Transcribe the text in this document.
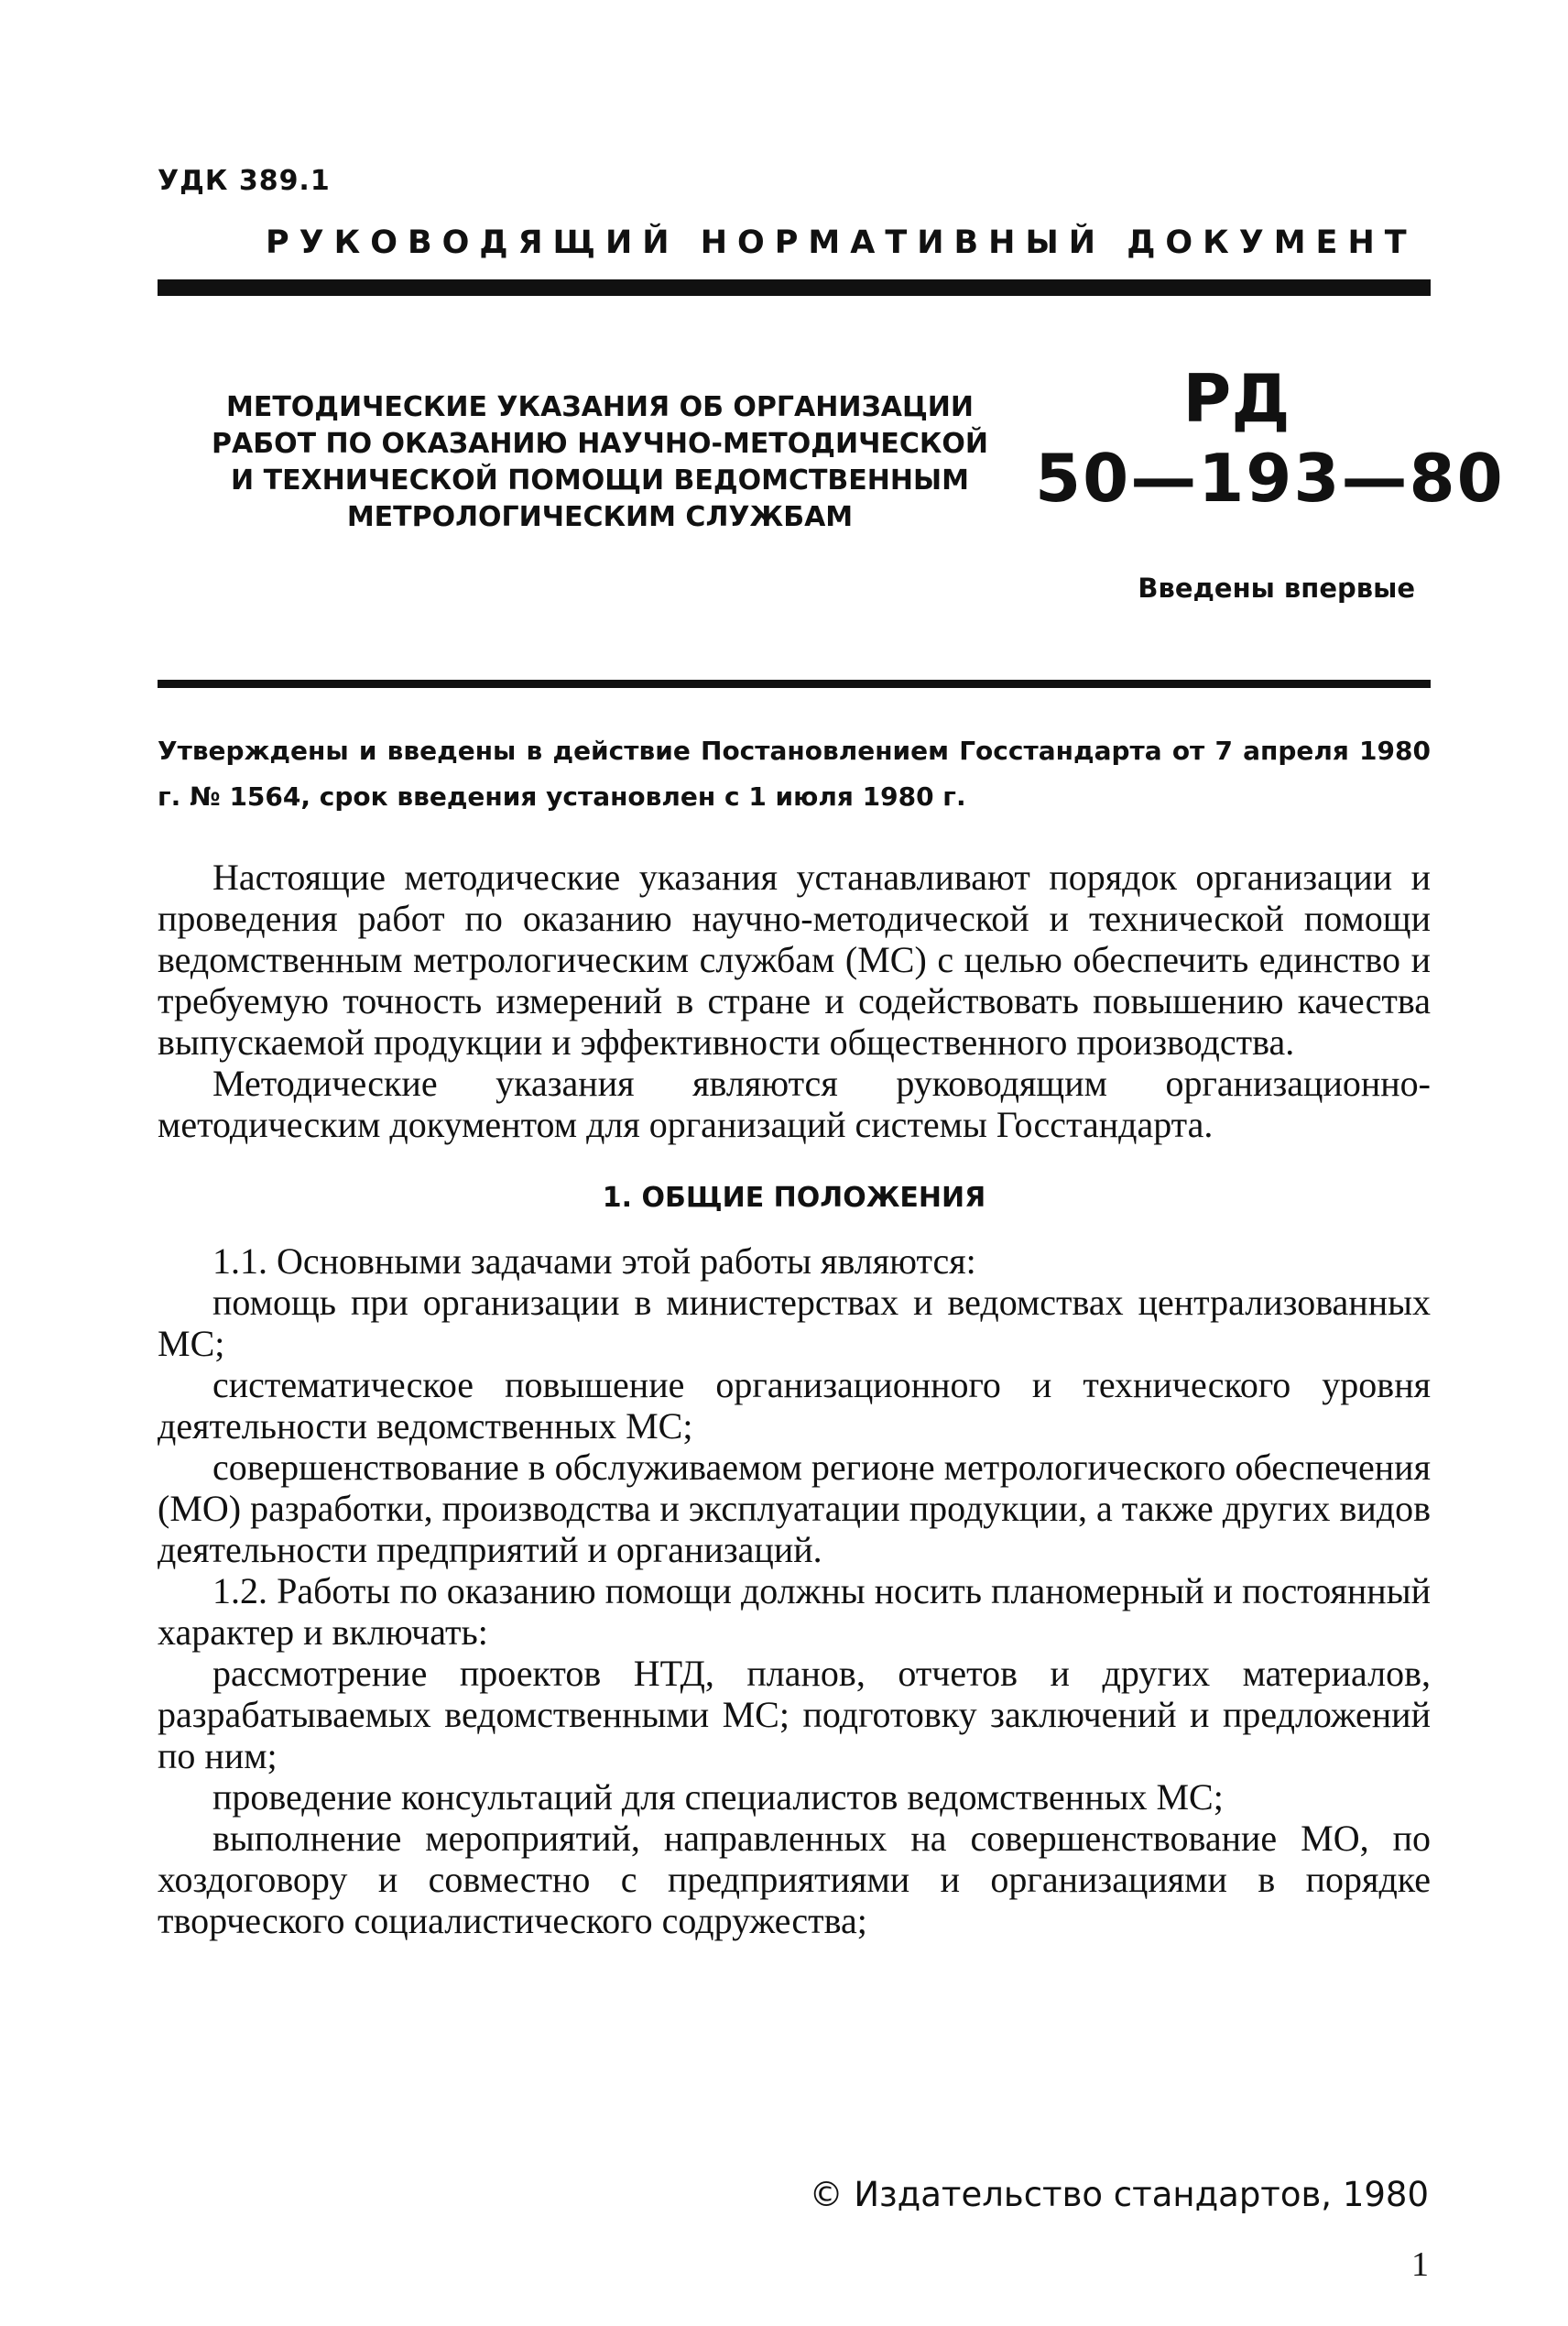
УДК 389.1
РУКОВОДЯЩИЙ НОРМАТИВНЫЙ ДОКУМЕНТ
МЕТОДИЧЕСКИЕ УКАЗАНИЯ ОБ ОРГАНИЗАЦИИ
РАБОТ ПО ОКАЗАНИЮ НАУЧНО-МЕТОДИЧЕСКОЙ
И ТЕХНИЧЕСКОЙ ПОМОЩИ ВЕДОМСТВЕННЫМ
МЕТРОЛОГИЧЕСКИМ СЛУЖБАМ
РД
50—193—80
Введены впервые
Утверждены и введены в действие Постановлением Госстандарта от 7 апреля 1980 г. № 1564, срок введения установлен с 1 июля 1980 г.

Настоящие методические указания устанавливают порядок организации и проведения работ по оказанию научно-методической и технической помощи ведомственным метрологическим службам (МС) с целью обеспечить единство и требуемую точность измерений в стране и содействовать повышению качества выпускаемой продукции и эффективности общественного производства.

Методические указания являются руководящим организационно-методическим документом для организаций системы Госстандарта.

1. ОБЩИЕ ПОЛОЖЕНИЯ

1.1. Основными задачами этой работы являются:

помощь при организации в министерствах и ведомствах централизованных МС;

систематическое повышение организационного и технического уровня деятельности ведомственных МС;

совершенствование в обслуживаемом регионе метрологического обеспечения (МО) разработки, производства и эксплуатации продукции, а также других видов деятельности предприятий и организаций.

1.2. Работы по оказанию помощи должны носить планомерный и постоянный характер и включать:

рассмотрение проектов НТД, планов, отчетов и других материалов, разрабатываемых ведомственными МС; подготовку заключений и предложений по ним;

проведение консультаций для специалистов ведомственных МС;

выполнение мероприятий, направленных на совершенствование МО, по хоздоговору и совместно с предприятиями и организациями в порядке творческого социалистического содружества;

© Издательство стандартов, 1980
1
